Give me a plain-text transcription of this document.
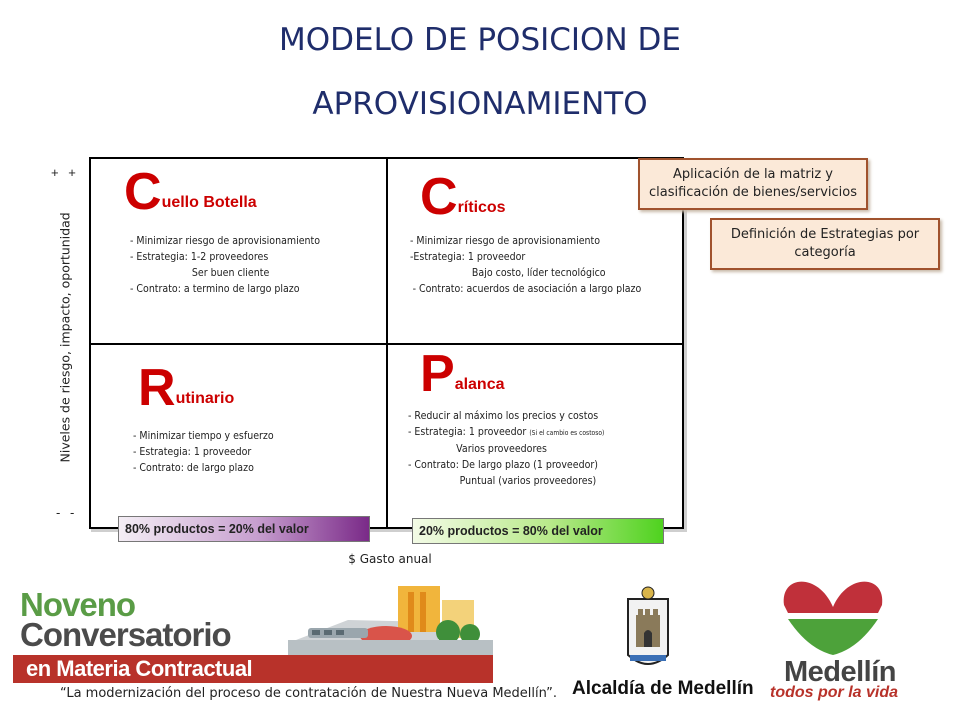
MODELO DE POSICION DE
APROVISIONAMIENTO
+ +
- -
Niveles de riesgo, impacto, oportunidad
$ Gasto anual
Cuello Botella
- Minimizar riesgo de aprovisionamiento
- Estrategia: 1-2 proveedores
Ser buen cliente
- Contrato: a termino de largo plazo
Críticos
- Minimizar riesgo de aprovisionamiento
-Estrategia: 1 proveedor
Bajo costo, líder tecnológico
- Contrato: acuerdos de asociación a largo plazo
Rutinario
- Minimizar tiempo y esfuerzo
- Estrategia: 1 proveedor
- Contrato: de largo plazo
Palanca
- Reducir al máximo los precios y costos
- Estrategia: 1 proveedor (Si el cambio es costoso)
Varios proveedores
- Contrato: De largo plazo (1 proveedor)
Puntual (varios proveedores)
80% productos = 20% del valor	20% productos = 80% del valor
Aplicación de la matriz y clasificación de bienes/servicios
Definición de Estrategias por categoría
Noveno
Conversatorio
en Materia Contractual
“La modernización del proceso de contratación de Nuestra Nueva Medellín”. Alcaldía de Medellín
Medellín
todos por la vida
